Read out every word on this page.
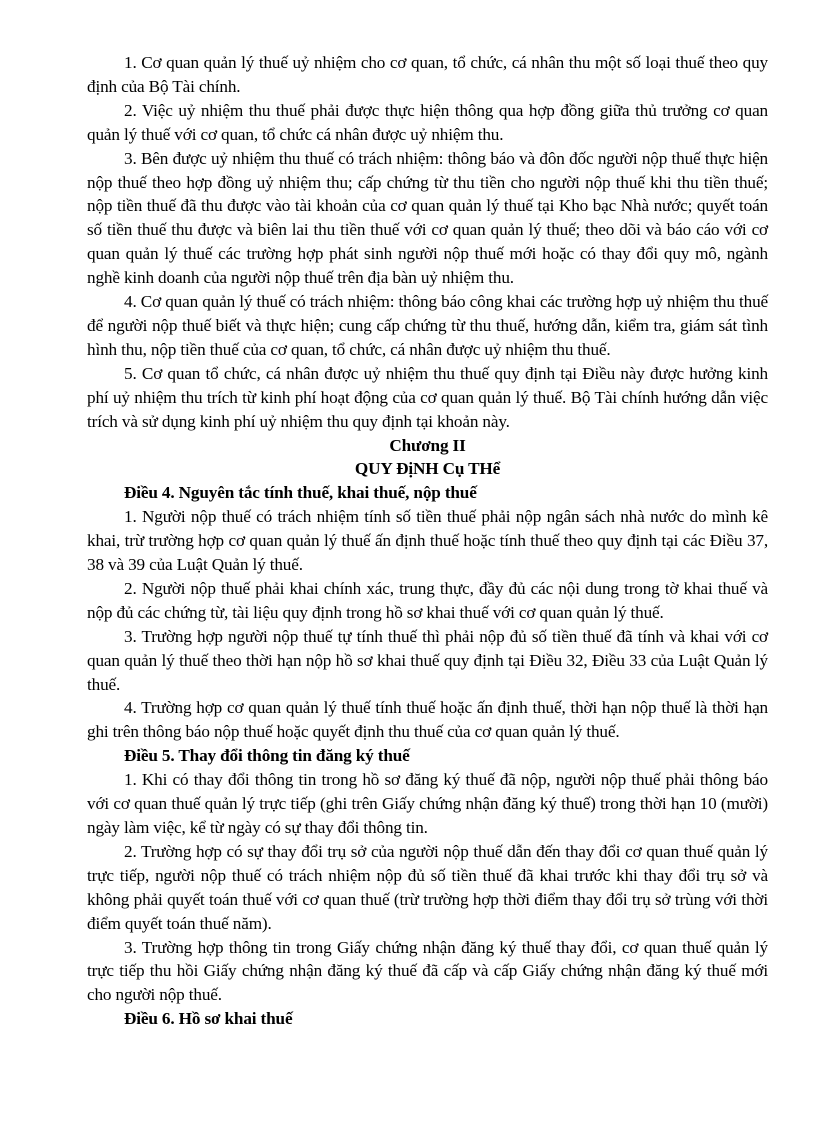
1. Cơ quan quản lý thuế uỷ nhiệm cho cơ quan, tổ chức, cá nhân thu một số loại thuế theo quy định của Bộ Tài chính.

2. Việc uỷ nhiệm thu thuế phải được thực hiện thông qua hợp đồng giữa thủ trưởng cơ quan quản lý thuế với cơ quan, tổ chức cá nhân được uỷ nhiệm thu.

3. Bên được uỷ nhiệm thu thuế có trách nhiệm: thông báo và đôn đốc người nộp thuế thực hiện nộp thuế theo hợp đồng uỷ nhiệm thu; cấp chứng từ thu tiền cho người nộp thuế khi thu tiền thuế; nộp tiền thuế đã thu được vào tài khoản của cơ quan quản lý thuế tại Kho bạc Nhà nước; quyết toán số tiền thuế thu được và biên lai thu tiền thuế với cơ quan quản lý thuế; theo dõi và báo cáo với cơ quan quản lý thuế các trường hợp phát sinh người nộp thuế mới hoặc có thay đổi quy mô, ngành nghề kinh doanh của người nộp thuế trên địa bàn uỷ nhiệm thu.

4. Cơ quan quản lý thuế có trách nhiệm: thông báo công khai các trường hợp uỷ nhiệm thu thuế để người nộp thuế biết và thực hiện; cung cấp chứng từ thu thuế, hướng dẫn, kiểm tra, giám sát tình hình thu, nộp tiền thuế của cơ quan, tổ chức, cá nhân được uỷ nhiệm thu thuế.

5. Cơ quan tổ chức, cá nhân được uỷ nhiệm thu thuế quy định tại Điều này được hưởng kinh phí uỷ nhiệm thu trích từ kinh phí hoạt động của cơ quan quản lý thuế. Bộ Tài chính hướng dẫn việc trích và sử dụng kinh phí uỷ nhiệm thu quy định tại khoản này.

Chương II

QUY ĐịNH Cụ THể

Điều 4. Nguyên tắc tính thuế, khai thuế, nộp thuế

1. Người nộp thuế có trách nhiệm tính số tiền thuế phải nộp ngân sách nhà nước do mình kê khai, trừ trường hợp cơ quan quản lý thuế ấn định thuế hoặc tính thuế theo quy định tại các Điều 37, 38 và 39 của Luật Quản lý thuế.

2. Người nộp thuế phải khai chính xác, trung thực, đầy đủ các nội dung trong tờ khai thuế và nộp đủ các chứng từ, tài liệu quy định trong hồ sơ khai thuế với cơ quan quản lý thuế.

3. Trường hợp người nộp thuế tự tính thuế thì phải nộp đủ số tiền thuế đã tính và khai với cơ quan quản lý thuế theo thời hạn nộp hồ sơ khai thuế quy định tại Điều 32, Điều 33 của Luật Quản lý thuế.

4. Trường hợp cơ quan quản lý thuế tính thuế hoặc ấn định thuế, thời hạn nộp thuế là thời hạn ghi trên thông báo nộp thuế hoặc quyết định thu thuế của cơ quan quản lý thuế.

Điều 5. Thay đổi thông tin đăng ký thuế

1. Khi có thay đổi thông tin trong hồ sơ đăng ký thuế đã nộp, người nộp thuế phải thông báo với cơ quan thuế quản lý trực tiếp (ghi trên Giấy chứng nhận đăng ký thuế) trong thời hạn 10 (mười) ngày làm việc, kể từ ngày có sự thay đổi thông tin.

2. Trường hợp có sự thay đổi trụ sở của người nộp thuế dẫn đến thay đổi cơ quan thuế quản lý trực tiếp, người nộp thuế có trách nhiệm nộp đủ số tiền thuế đã khai trước khi thay đổi trụ sở và không phải quyết toán thuế với cơ quan thuế (trừ trường hợp thời điểm thay đổi trụ sở trùng với thời điểm quyết toán thuế năm).

3. Trường hợp thông tin trong Giấy chứng nhận đăng ký thuế thay đổi, cơ quan thuế quản lý trực tiếp thu hồi Giấy chứng nhận đăng ký thuế đã cấp và cấp Giấy chứng nhận đăng ký thuế mới cho người nộp thuế.

Điều 6. Hồ sơ khai thuế
